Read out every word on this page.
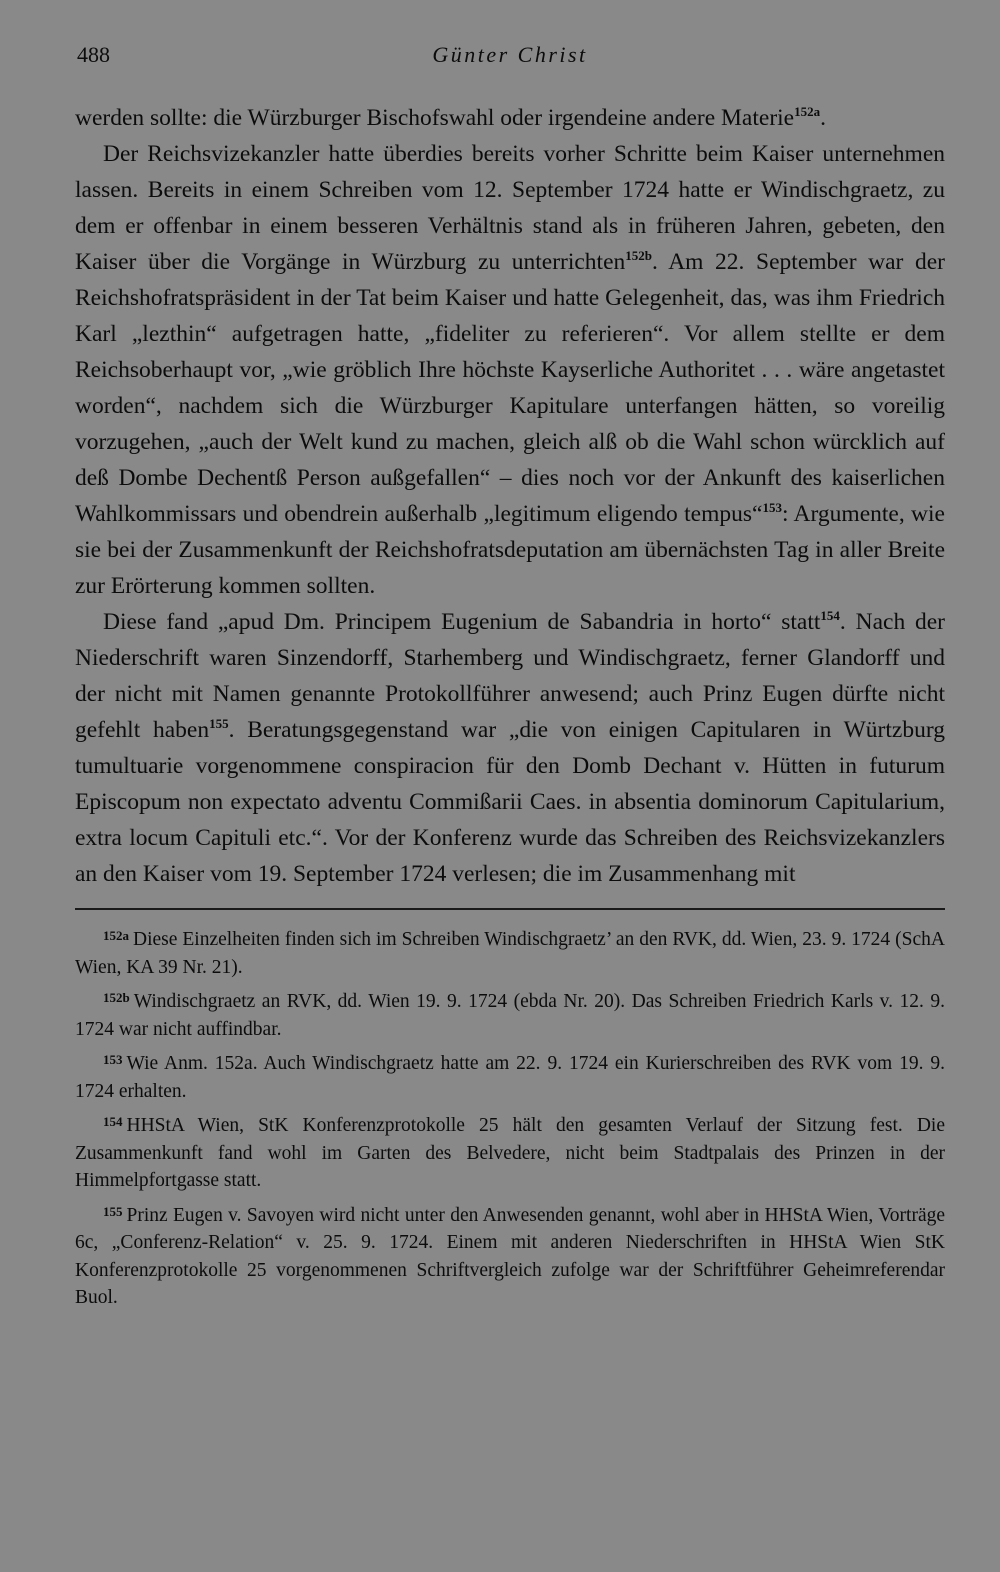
488	Günter Christ

werden sollte: die Würzburger Bischofswahl oder irgendeine andere Materie$^{152a}$.

Der Reichsvizekanzler hatte überdies bereits vorher Schritte beim Kaiser unternehmen lassen. Bereits in einem Schreiben vom 12. September 1724 hatte er Windischgraetz, zu dem er offenbar in einem besseren Verhältnis stand als in früheren Jahren, gebeten, den Kaiser über die Vorgänge in Würzburg zu unterrichten$^{152b}$. Am 22. September war der Reichshofratspräsident in der Tat beim Kaiser und hatte Gelegenheit, das, was ihm Friedrich Karl „lezthin“ aufgetragen hatte, „fideliter zu referieren“. Vor allem stellte er dem Reichsoberhaupt vor, „wie gröblich Ihre höchste Kayserliche Authoritet . . . wäre angetastet worden“, nachdem sich die Würzburger Kapitulare unterfangen hätten, so voreilig vorzugehen, „auch der Welt kund zu machen, gleich alß ob die Wahl schon würcklich auf deß Dombe Dechentß Person außgefallen“ – dies noch vor der Ankunft des kaiserlichen Wahlkommissars und obendrein außerhalb „legitimum eligendo tempus“$^{153}$: Argumente, wie sie bei der Zusammenkunft der Reichshofratsdeputation am übernächsten Tag in aller Breite zur Erörterung kommen sollten.

Diese fand „apud Dm. Principem Eugenium de Sabandria in horto“ statt$^{154}$. Nach der Niederschrift waren Sinzendorff, Starhemberg und Windischgraetz, ferner Glandorff und der nicht mit Namen genannte Protokollführer anwesend; auch Prinz Eugen dürfte nicht gefehlt haben$^{155}$. Beratungsgegenstand war „die von einigen Capitularen in Würtzburg tumultuarie vorgenommene conspiracion für den Domb Dechant v. Hütten in futurum Episcopum non expectato adventu Commißarii Caes. in absentia dominorum Capitularium, extra locum Capituli etc.“. Vor der Konferenz wurde das Schreiben des Reichsvizekanzlers an den Kaiser vom 19. September 1724 verlesen; die im Zusammenhang mit

$^{152a}$ Diese Einzelheiten finden sich im Schreiben Windischgraetz’ an den RVK, dd. Wien, 23. 9. 1724 (SchA Wien, KA 39 Nr. 21).

$^{152b}$ Windischgraetz an RVK, dd. Wien 19. 9. 1724 (ebda Nr. 20). Das Schreiben Friedrich Karls v. 12. 9. 1724 war nicht auffindbar.

$^{153}$ Wie Anm. 152a. Auch Windischgraetz hatte am 22. 9. 1724 ein Kurierschreiben des RVK vom 19. 9. 1724 erhalten.

$^{154}$ HHStA Wien, StK Konferenzprotokolle 25 hält den gesamten Verlauf der Sitzung fest. Die Zusammenkunft fand wohl im Garten des Belvedere, nicht beim Stadtpalais des Prinzen in der Himmelpfortgasse statt.

$^{155}$ Prinz Eugen v. Savoyen wird nicht unter den Anwesenden genannt, wohl aber in HHStA Wien, Vorträge 6c, „Conferenz-Relation“ v. 25. 9. 1724. Einem mit anderen Niederschriften in HHStA Wien StK Konferenzprotokolle 25 vorgenommenen Schriftvergleich zufolge war der Schriftführer Geheimreferendar Buol.
